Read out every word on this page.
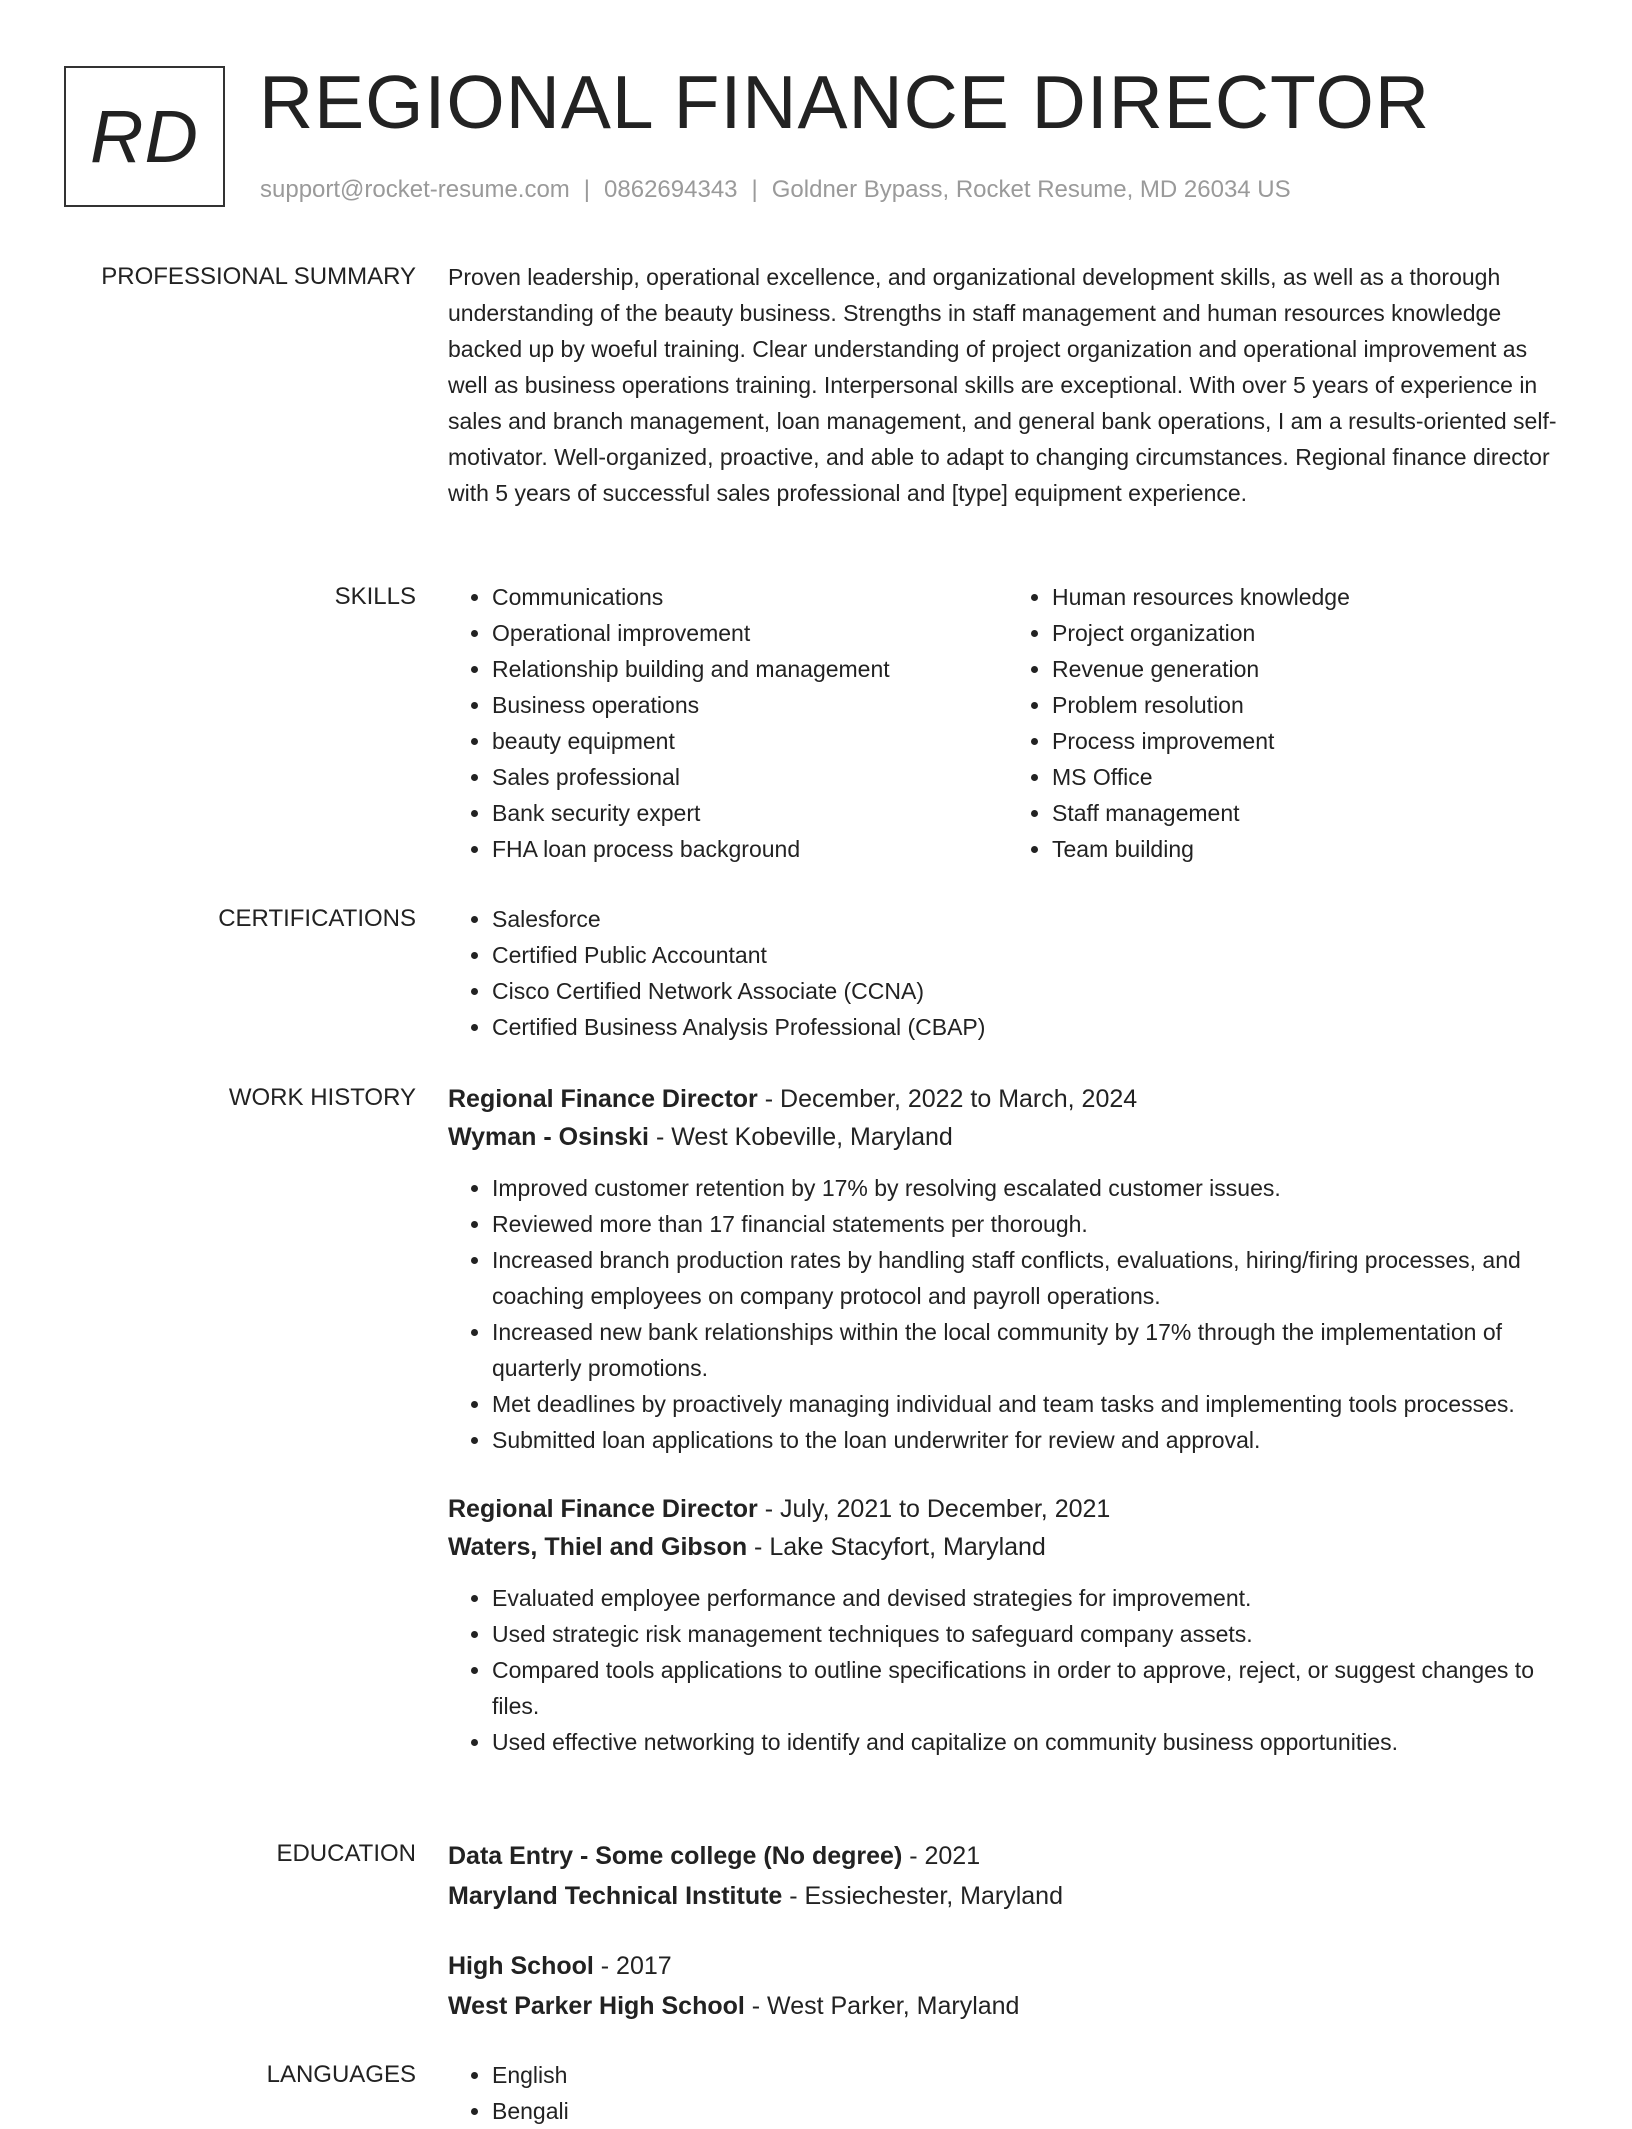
RD REGIONAL FINANCE DIRECTOR
support@rocket-resume.com | 0862694343 | Goldner Bypass, Rocket Resume, MD 26034 US
PROFESSIONAL SUMMARY Proven leadership, operational excellence, and organizational development skills, as well as a thorough understanding of the beauty business. Strengths in staff management and human resources knowledge backed up by woeful training. Clear understanding of project organization and operational improvement as well as business operations training. Interpersonal skills are exceptional. With over 5 years of experience in sales and branch management, loan management, and general bank operations, I am a results-oriented self-motivator. Well-organized, proactive, and able to adapt to changing circumstances. Regional finance director with 5 years of successful sales professional and [type] equipment experience.

SKILLS	• Communications
• Operational improvement
• Relationship building and management
• Business operations
• beauty equipment
• Sales professional
• Bank security expert
• FHA loan process background
• Human resources knowledge
• Project organization
• Revenue generation
• Problem resolution
• Process improvement
• MS Office
• Staff management
• Team building
CERTIFICATIONS	• Salesforce
• Certified Public Accountant
• Cisco Certified Network Associate (CCNA)
• Certified Business Analysis Professional (CBAP)
WORK HISTORY Regional Finance Director - December, 2022 to March, 2024
Wyman - Osinski - West Kobeville, Maryland
• Improved customer retention by 17% by resolving escalated customer issues.
• Reviewed more than 17 financial statements per thorough.
• Increased branch production rates by handling staff conflicts, evaluations, hiring/firing processes, and coaching employees on company protocol and payroll operations.
• Increased new bank relationships within the local community by 17% through the implementation of quarterly promotions.
• Met deadlines by proactively managing individual and team tasks and implementing tools processes.
• Submitted loan applications to the loan underwriter for review and approval.
Regional Finance Director - July, 2021 to December, 2021
Waters, Thiel and Gibson - Lake Stacyfort, Maryland
• Evaluated employee performance and devised strategies for improvement.
• Used strategic risk management techniques to safeguard company assets.
• Compared tools applications to outline specifications in order to approve, reject, or suggest changes to files.
• Used effective networking to identify and capitalize on community business opportunities.
EDUCATION Data Entry - Some college (No degree) - 2021
Maryland Technical Institute - Essiechester, Maryland
High School - 2017
West Parker High School - West Parker, Maryland
LANGUAGES	• English
• Bengali
